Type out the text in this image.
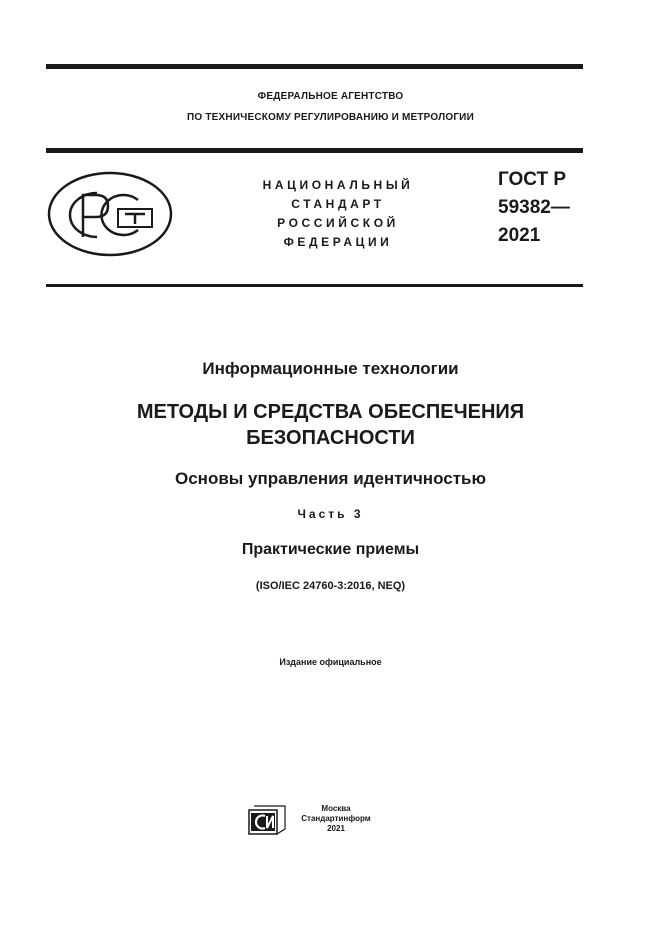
ФЕДЕРАЛЬНОЕ АГЕНТСТВО
ПО ТЕХНИЧЕСКОМУ РЕГУЛИРОВАНИЮ И МЕТРОЛОГИИ
НАЦИОНАЛЬНЫЙ
СТАНДАРТ
РОССИЙСКОЙ
ФЕДЕРАЦИИ
ГОСТ Р
59382—
2021
Информационные технологии
МЕТОДЫ И СРЕДСТВА ОБЕСПЕЧЕНИЯ
БЕЗОПАСНОСТИ
Основы управления идентичностью
Часть 3
Практические приемы
(ISO/IEC 24760-3:2016, NEQ)
Издание официальное
Москва
Стандартинформ
2021
